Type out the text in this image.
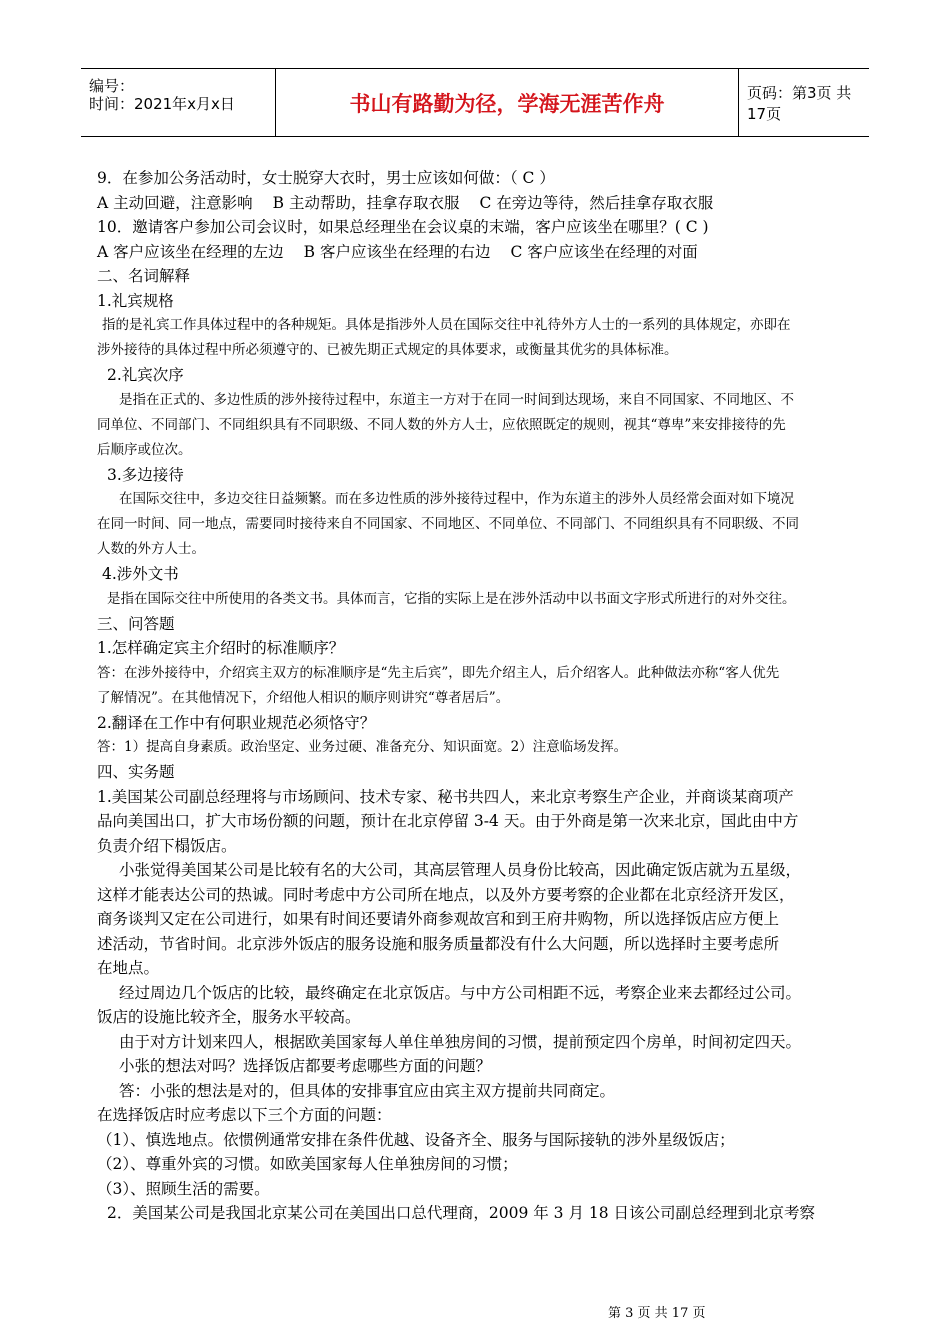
编号：
时间：2021年x月x日	书山有路勤为径，学海无涯苦作舟	页码：第3页 共17页
9．在参加公务活动时，女士脱穿大衣时，男士应该如何做：（ C ）
A 主动回避，注意影响 B 主动帮助，挂拿存取衣服 C 在旁边等待，然后挂拿存取衣服
10．邀请客户参加公司会议时，如果总经理坐在会议桌的末端，客户应该坐在哪里？( C )
A 客户应该坐在经理的左边 B 客户应该坐在经理的右边 C 客户应该坐在经理的对面
二、名词解释
1.礼宾规格
指的是礼宾工作具体过程中的各种规矩。具体是指涉外人员在国际交往中礼待外方人士的一系列的具体规定，亦即在
涉外接待的具体过程中所必须遵守的、已被先期正式规定的具体要求，或衡量其优劣的具体标准。
2.礼宾次序
是指在正式的、多边性质的涉外接待过程中，东道主一方对于在同一时间到达现场，来自不同国家、不同地区、不
同单位、不同部门、不同组织具有不同职级、不同人数的外方人士，应依照既定的规则，视其“尊卑”来安排接待的先
后顺序或位次。
3.多边接待
在国际交往中，多边交往日益频繁。而在多边性质的涉外接待过程中，作为东道主的涉外人员经常会面对如下境况
在同一时间、同一地点，需要同时接待来自不同国家、不同地区、不同单位、不同部门、不同组织具有不同职级、不同
人数的外方人士。
4.涉外文书
是指在国际交往中所使用的各类文书。具体而言，它指的实际上是在涉外活动中以书面文字形式所进行的对外交往。
三、问答题
1.怎样确定宾主介绍时的标准顺序？
答：在涉外接待中，介绍宾主双方的标准顺序是“先主后宾”，即先介绍主人，后介绍客人。此种做法亦称“客人优先
了解情况”。在其他情况下，介绍他人相识的顺序则讲究“尊者居后”。
2.翻译在工作中有何职业规范必须恪守？
答：1）提高自身素质。政治坚定、业务过硬、准备充分、知识面宽。2）注意临场发挥。
四、实务题
1.美国某公司副总经理将与市场顾问、技术专家、秘书共四人，来北京考察生产企业，并商谈某商项产
品向美国出口，扩大市场份额的问题，预计在北京停留 3-4 天。由于外商是第一次来北京，国此由中方
负责介绍下榻饭店。
小张觉得美国某公司是比较有名的大公司，其高层管理人员身份比较高，因此确定饭店就为五星级，
这样才能表达公司的热诚。同时考虑中方公司所在地点，以及外方要考察的企业都在北京经济开发区，
商务谈判又定在公司进行，如果有时间还要请外商参观故宫和到王府井购物，所以选择饭店应方便上
述活动，节省时间。北京涉外饭店的服务设施和服务质量都没有什么大问题，所以选择时主要考虑所
在地点。
经过周边几个饭店的比较，最终确定在北京饭店。与中方公司相距不远，考察企业来去都经过公司。
饭店的设施比较齐全，服务水平较高。
由于对方计划来四人，根据欧美国家每人单住单独房间的习惯，提前预定四个房单，时间初定四天。
小张的想法对吗？选择饭店都要考虑哪些方面的问题？
答：小张的想法是对的，但具体的安排事宜应由宾主双方提前共同商定。
在选择饭店时应考虑以下三个方面的问题：
（1）、慎选地点。依惯例通常安排在条件优越、设备齐全、服务与国际接轨的涉外星级饭店；
（2）、尊重外宾的习惯。如欧美国家每人住单独房间的习惯；
（3）、照顾生活的需要。
2．美国某公司是我国北京某公司在美国出口总代理商，2009 年 3 月 18 日该公司副总经理到北京考察
第 3 页 共 17 页
